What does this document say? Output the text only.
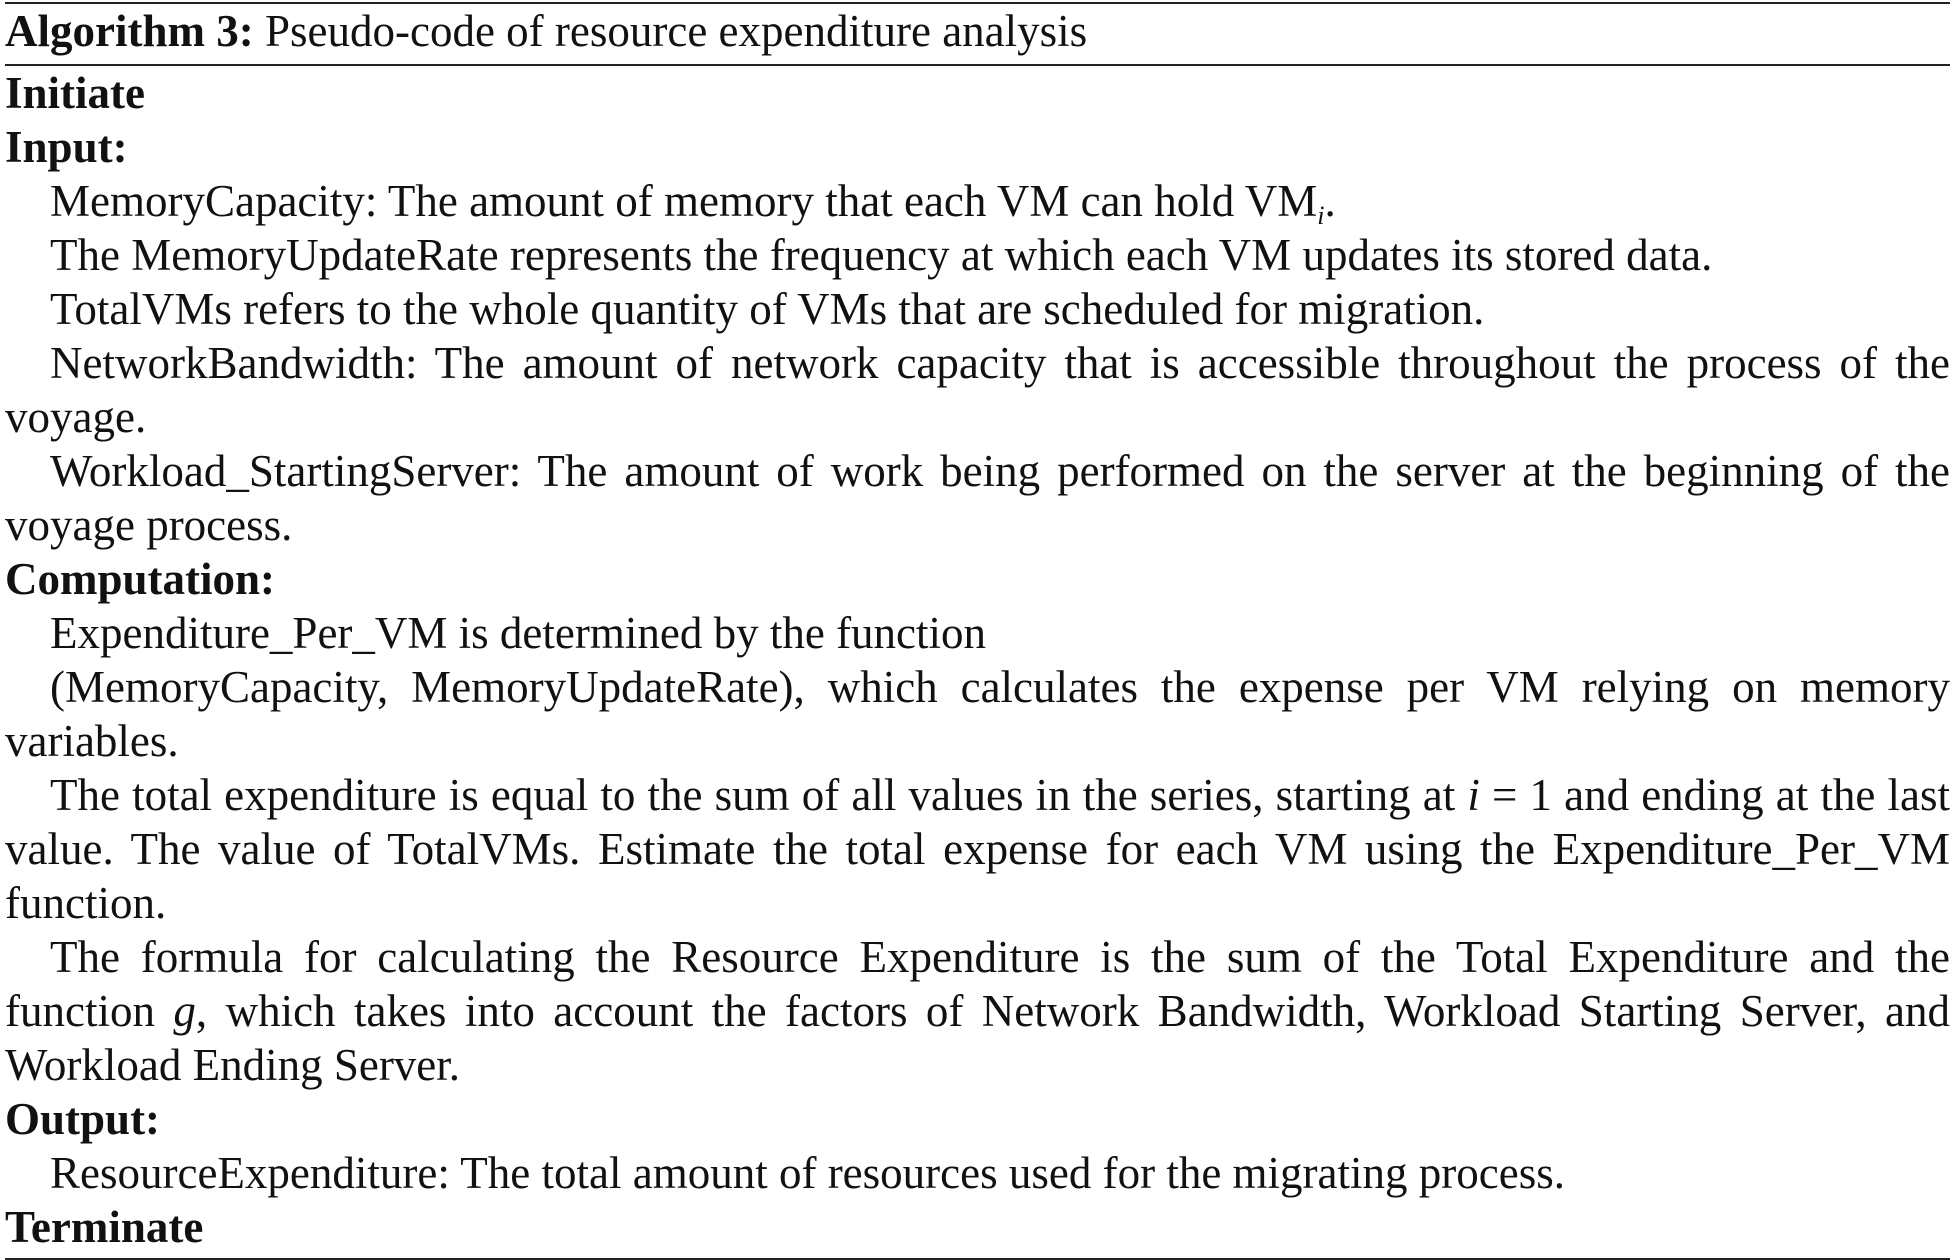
Algorithm 3: Pseudo-code of resource expenditure analysis
Initiate
Input:
MemoryCapacity: The amount of memory that each VM can hold $VM_i$.
The MemoryUpdateRate represents the frequency at which each VM updates its stored data.
TotalVMs refers to the whole quantity of VMs that are scheduled for migration.
NetworkBandwidth: The amount of network capacity that is accessible throughout the process of the voyage.
Workload_StartingServer: The amount of work being performed on the server at the beginning of the voyage process.
Computation:
Expenditure_Per_VM is determined by the function
(MemoryCapacity, MemoryUpdateRate), which calculates the expense per VM relying on memory variables.
The total expenditure is equal to the sum of all values in the series, starting at i = 1 and ending at the last value. The value of TotalVMs. Estimate the total expense for each VM using the Expenditure_Per_VM function.
The formula for calculating the Resource Expenditure is the sum of the Total Expenditure and the function g, which takes into account the factors of Network Bandwidth, Workload Starting Server, and Workload Ending Server.
Output:
ResourceExpenditure: The total amount of resources used for the migrating process.
Terminate
